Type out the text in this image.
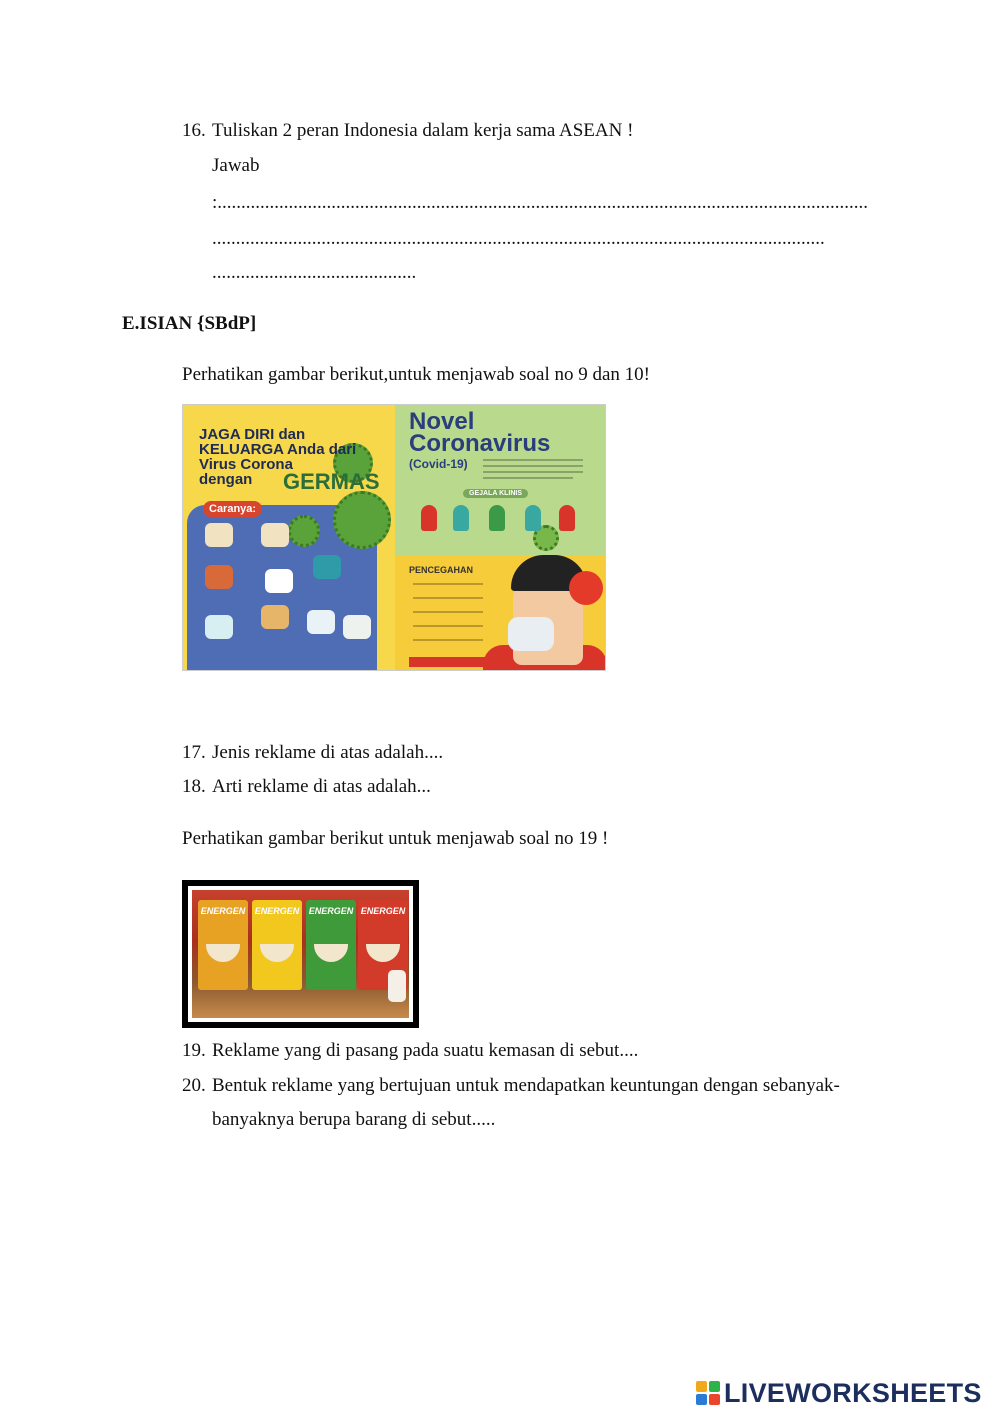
16. Tuliskan 2 peran Indonesia dalam kerja sama ASEAN !
Jawab
:.........................................................................................................................................
.................................................................................................................................
...........................................
E.ISIAN {SBdP]
Perhatikan gambar berikut,untuk menjawab soal no 9 dan 10!
JAGA DIRI dan
KELUARGA Anda dari
Virus Corona
dengan	GERMAS
Caranya:
Novel
Coronavirus
(Covid-19)
GEJALA KLINIS
PENCEGAHAN
17. Jenis reklame di atas adalah....
18. Arti reklame di atas adalah...
Perhatikan gambar berikut untuk menjawab soal no 19 !
ENERGEN	ENERGEN	ENERGEN ENERGEN
19. Reklame yang di pasang pada suatu kemasan di sebut....
20. Bentuk reklame yang bertujuan untuk mendapatkan keuntungan dengan sebanyak-
banyaknya berupa barang di sebut.....
LIVEWORKSHEETS
